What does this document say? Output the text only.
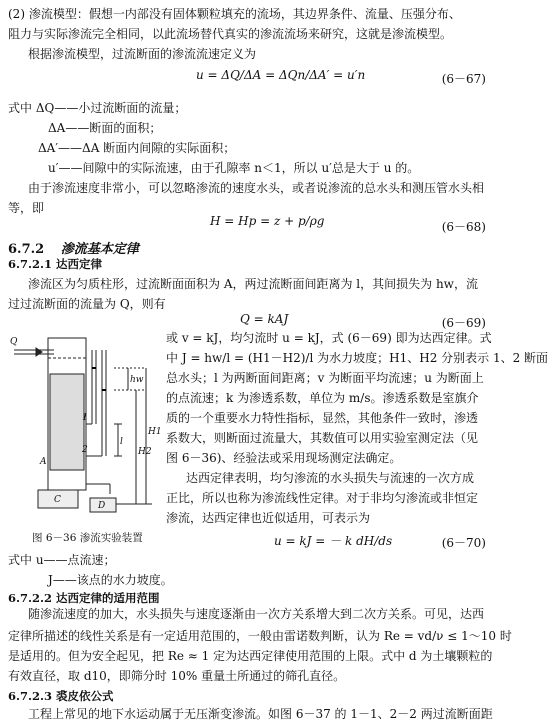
(2) 渗流模型：假想一内部没有固体颗粒填充的流场，其边界条件、流量、压强分布、
阻力与实际渗流完全相同，以此流场替代真实的渗流流场来研究，这就是渗流模型。
根据渗流模型，过流断面的渗流流速定义为
u = ΔQ/ΔA = ΔQn/ΔA′ = u′n	(6－67)
式中 ΔQ——小过流断面的流量；
ΔA——断面的面积；
ΔA′——ΔA 断面内间隙的实际面积；
u′——间隙中的实际流速，由于孔隙率 n＜1，所以 u′总是大于 u 的。
由于渗流速度非常小，可以忽略渗流的速度水头，或者说渗流的总水头和测压管水头相
等，即
H = Hp = z + p/ρg	(6－68)
6.7.2 渗流基本定律
6.7.2.1 达西定律
渗流区为匀质柱形，过流断面面积为 A，两过流断面间距离为 l，其间损失为 hw，流
过过流断面的流量为 Q，则有
Q = kAJ	(6－69)
Q
1
2
H1
H2
hw
l
C
D
A
图 6－36 渗流实验装置
或 v = kJ，均匀流时 u = kJ，式 (6－69) 即为达西定律。式
中 J = hw/l = (H1－H2)/l 为水力坡度；H1、H2 分别表示 1、2 断面
总水头；l 为两断面间距离；v 为断面平均流速；u 为断面上
的点流速；k 为渗透系数，单位为 m/s。渗透系数是室旗介
质的一个重要水力特性指标，显然，其他条件一致时，渗透
系数大，则断面过流量大，其数值可以用实验室测定法（见
图 6－36)、经验法或采用现场测定法确定。
达西定律表明，均匀渗流的水头损失与流速的一次方成
正比，所以也称为渗流线性定律。对于非均匀渗流或非恒定
渗流，达西定律也近似适用，可表示为
u = kJ = － k dH/ds	(6－70)
式中 u——点流速；
J——该点的水力坡度。
6.7.2.2 达西定律的适用范围
随渗流速度的加大，水头损失与速度逐渐由一次方关系增大到二次方关系。可见，达西
定律所描述的线性关系是有一定适用范围的，一般由雷诺数判断，认为 Re = vd/ν ≤ 1～10 时
是适用的。但为安全起见，把 Re ≈ 1 定为达西定律使用范围的上限。式中 d 为土壤颗粒的
有效直径，取 d10，即筛分时 10% 重量土所通过的筛孔直径。
6.7.2.3 裘皮依公式
工程上常见的地下水运动属于无压渐变渗流。如图 6－37 的 1－1、2－2 两过流断面距
